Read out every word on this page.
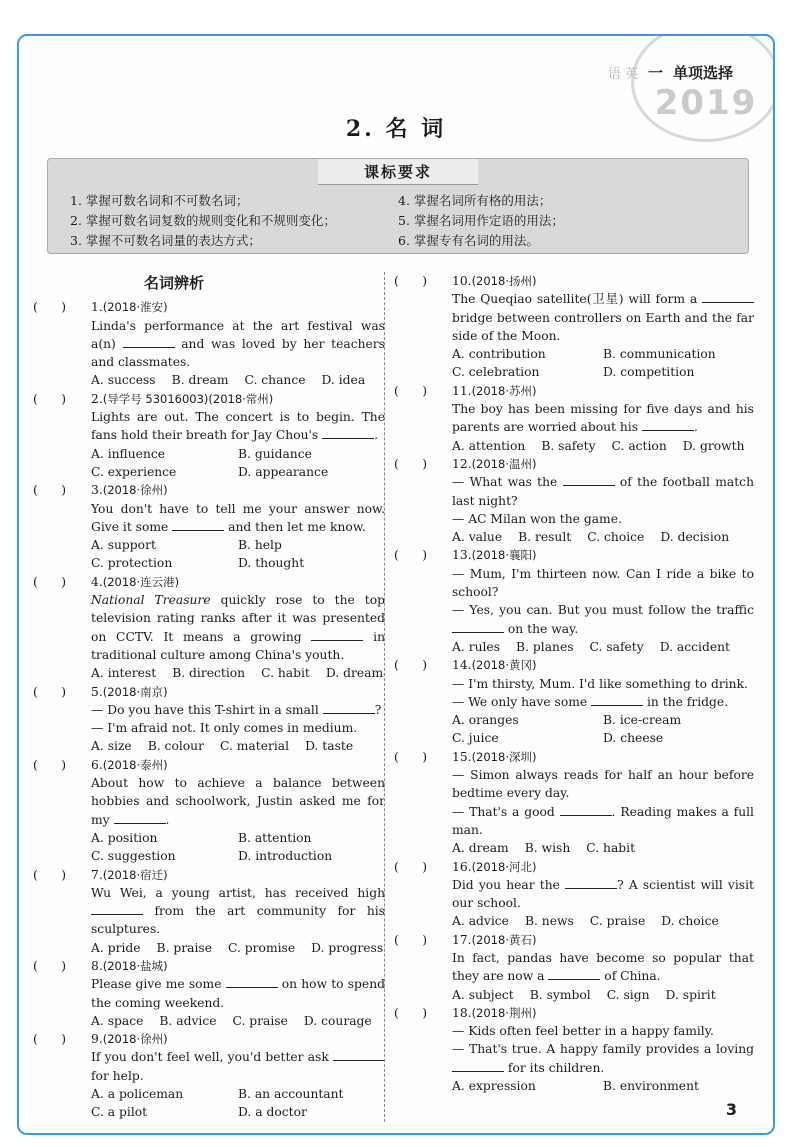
2019
语 英 一 单项选择
2. 名 词
课标要求
1. 掌握可数名词和不可数名词；
2. 掌握可数名词复数的规则变化和不规则变化；
3. 掌握不可数名词量的表达方式；
4. 掌握名词所有格的用法；
5. 掌握名词用作定语的用法；
6. 掌握专有名词的用法。
名词辨析
(      )	1. (2018·淮安)
Linda's performance at the art festival was a(n)	and was loved by her teachers and classmates.
A. success B. dream C. chance D. idea
(      )	2. (导学号 53016003)(2018·常州)
Lights are out. The concert is to begin. The fans hold their breath for Jay Chou's	.
A. influence	B. guidance
C. experience	D. appearance
(      )	3. (2018·徐州)
You don't have to tell me your answer now. Give it some	and then let me know.
A. support	B. help
C. protection	D. thought
(      )	4. (2018·连云港)
National Treasure quickly rose to the top television rating ranks after it was presented on CCTV. It means a growing	in traditional culture among China's youth.
A. interest B. direction C. habit D. dream
(      )	5. (2018·南京)
— Do you have this T-shirt in a small	?
— I'm afraid not. It only comes in medium.
A. size B. colour C. material D. taste
(      )	6. (2018·泰州)
About how to achieve a balance between hobbies and schoolwork, Justin asked me for my	.
A. position	B. attention
C. suggestion	D. introduction
(      )	7. (2018·宿迁)
Wu Wei, a young artist, has received high  from the art community for his sculptures.
A. pride B. praise C. promise D. progress
(      )	8. (2018·盐城)
Please give me some	on how to spend the coming weekend.
A. space B. advice C. praise D. courage
(      )	9. (2018·徐州)
If you don't feel well, you'd better ask  for help.
A. a policeman	B. an accountant
C. a pilot	D. a doctor
(      )	10. (2018·扬州)
The Queqiao satellite(卫星) will form a  bridge between controllers on Earth and the far side of the Moon.
A. contribution	B. communication
C. celebration	D. competition
(      )	11. (2018·苏州)
The boy has been missing for five days and his parents are worried about his	.
A. attention B. safety C. action D. growth
(      )	12. (2018·温州)
— What was the	of the football match last night?
— AC Milan won the game.
A. value B. result C. choice D. decision
(      )	13. (2018·襄阳)
— Mum, I'm thirteen now. Can I ride a bike to school?
— Yes, you can. But you must follow the traffic  on the way.
A. rules B. planes C. safety D. accident
(      )	14. (2018·黄冈)
— I'm thirsty, Mum. I'd like something to drink.
— We only have some	in the fridge.
A. oranges	B. ice-cream
C. juice	D. cheese
(      )	15. (2018·深圳)
— Simon always reads for half an hour before bedtime every day.
— That's a good	. Reading makes a full man.
A. dream B. wish C. habit
(      )	16. (2018·河北)
Did you hear the	? A scientist will visit our school.
A. advice B. news C. praise D. choice
(      )	17. (2018·黄石)
In fact, pandas have become so popular that they are now a	of China.
A. subject B. symbol C. sign D. spirit
(      )	18. (2018·荆州)
— Kids often feel better in a happy family.
— That's true. A happy family provides a loving  for its children.
A. expression	B. environment
3
